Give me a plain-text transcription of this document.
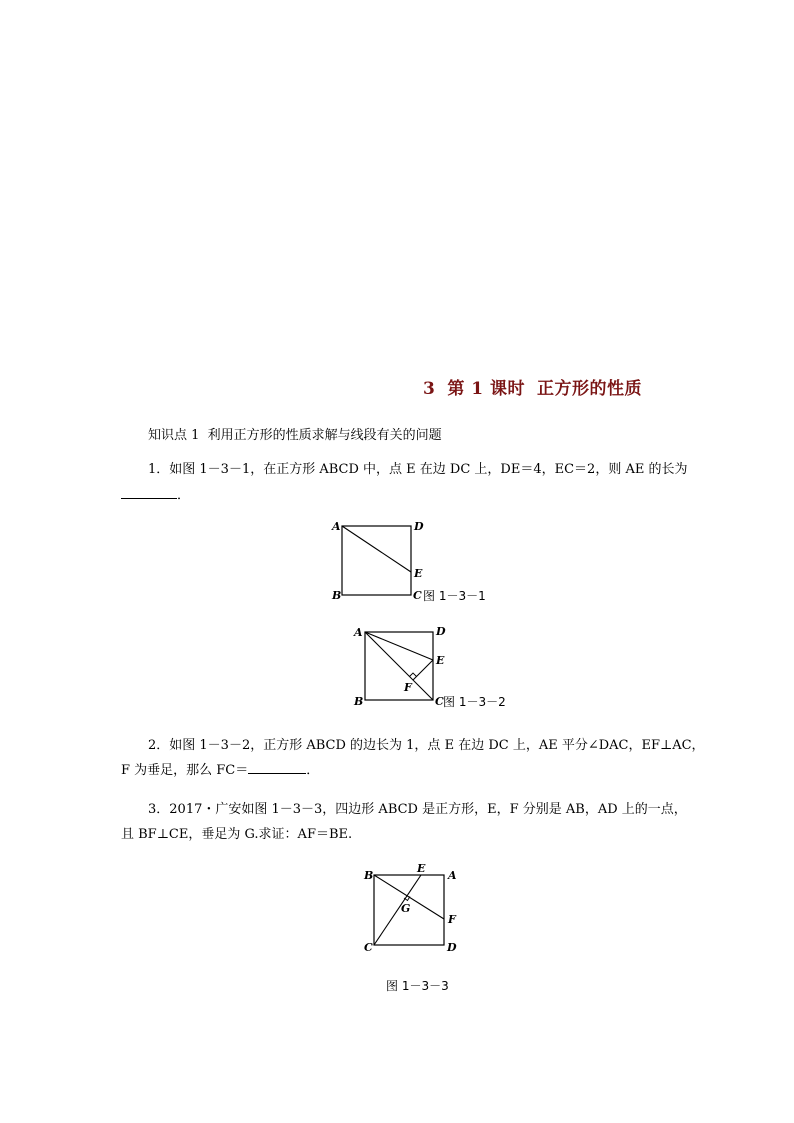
3 第 1 课时 正方形的性质
知识点 1 利用正方形的性质求解与线段有关的问题
1．如图 1－3－1，在正方形 ABCD 中，点 E 在边 DC 上，DE＝4，EC＝2，则 AE 的长为
．
A	D
E
B	C 图 1－3－1
A	D
E
F
B	C 图 1－3－2
2．如图 1－3－2，正方形 ABCD 的边长为 1，点 E 在边 DC 上，AE 平分∠DAC，EF⊥AC，
F 为垂足，那么 FC＝	．
3．2017・广安如图 1－3－3，四边形 ABCD 是正方形，E，F 分别是 AB，AD 上的一点，
且 BF⊥CE，垂足为 G.求证：AF＝BE.
B
E
A
G
F
C	D
图 1－3－3
